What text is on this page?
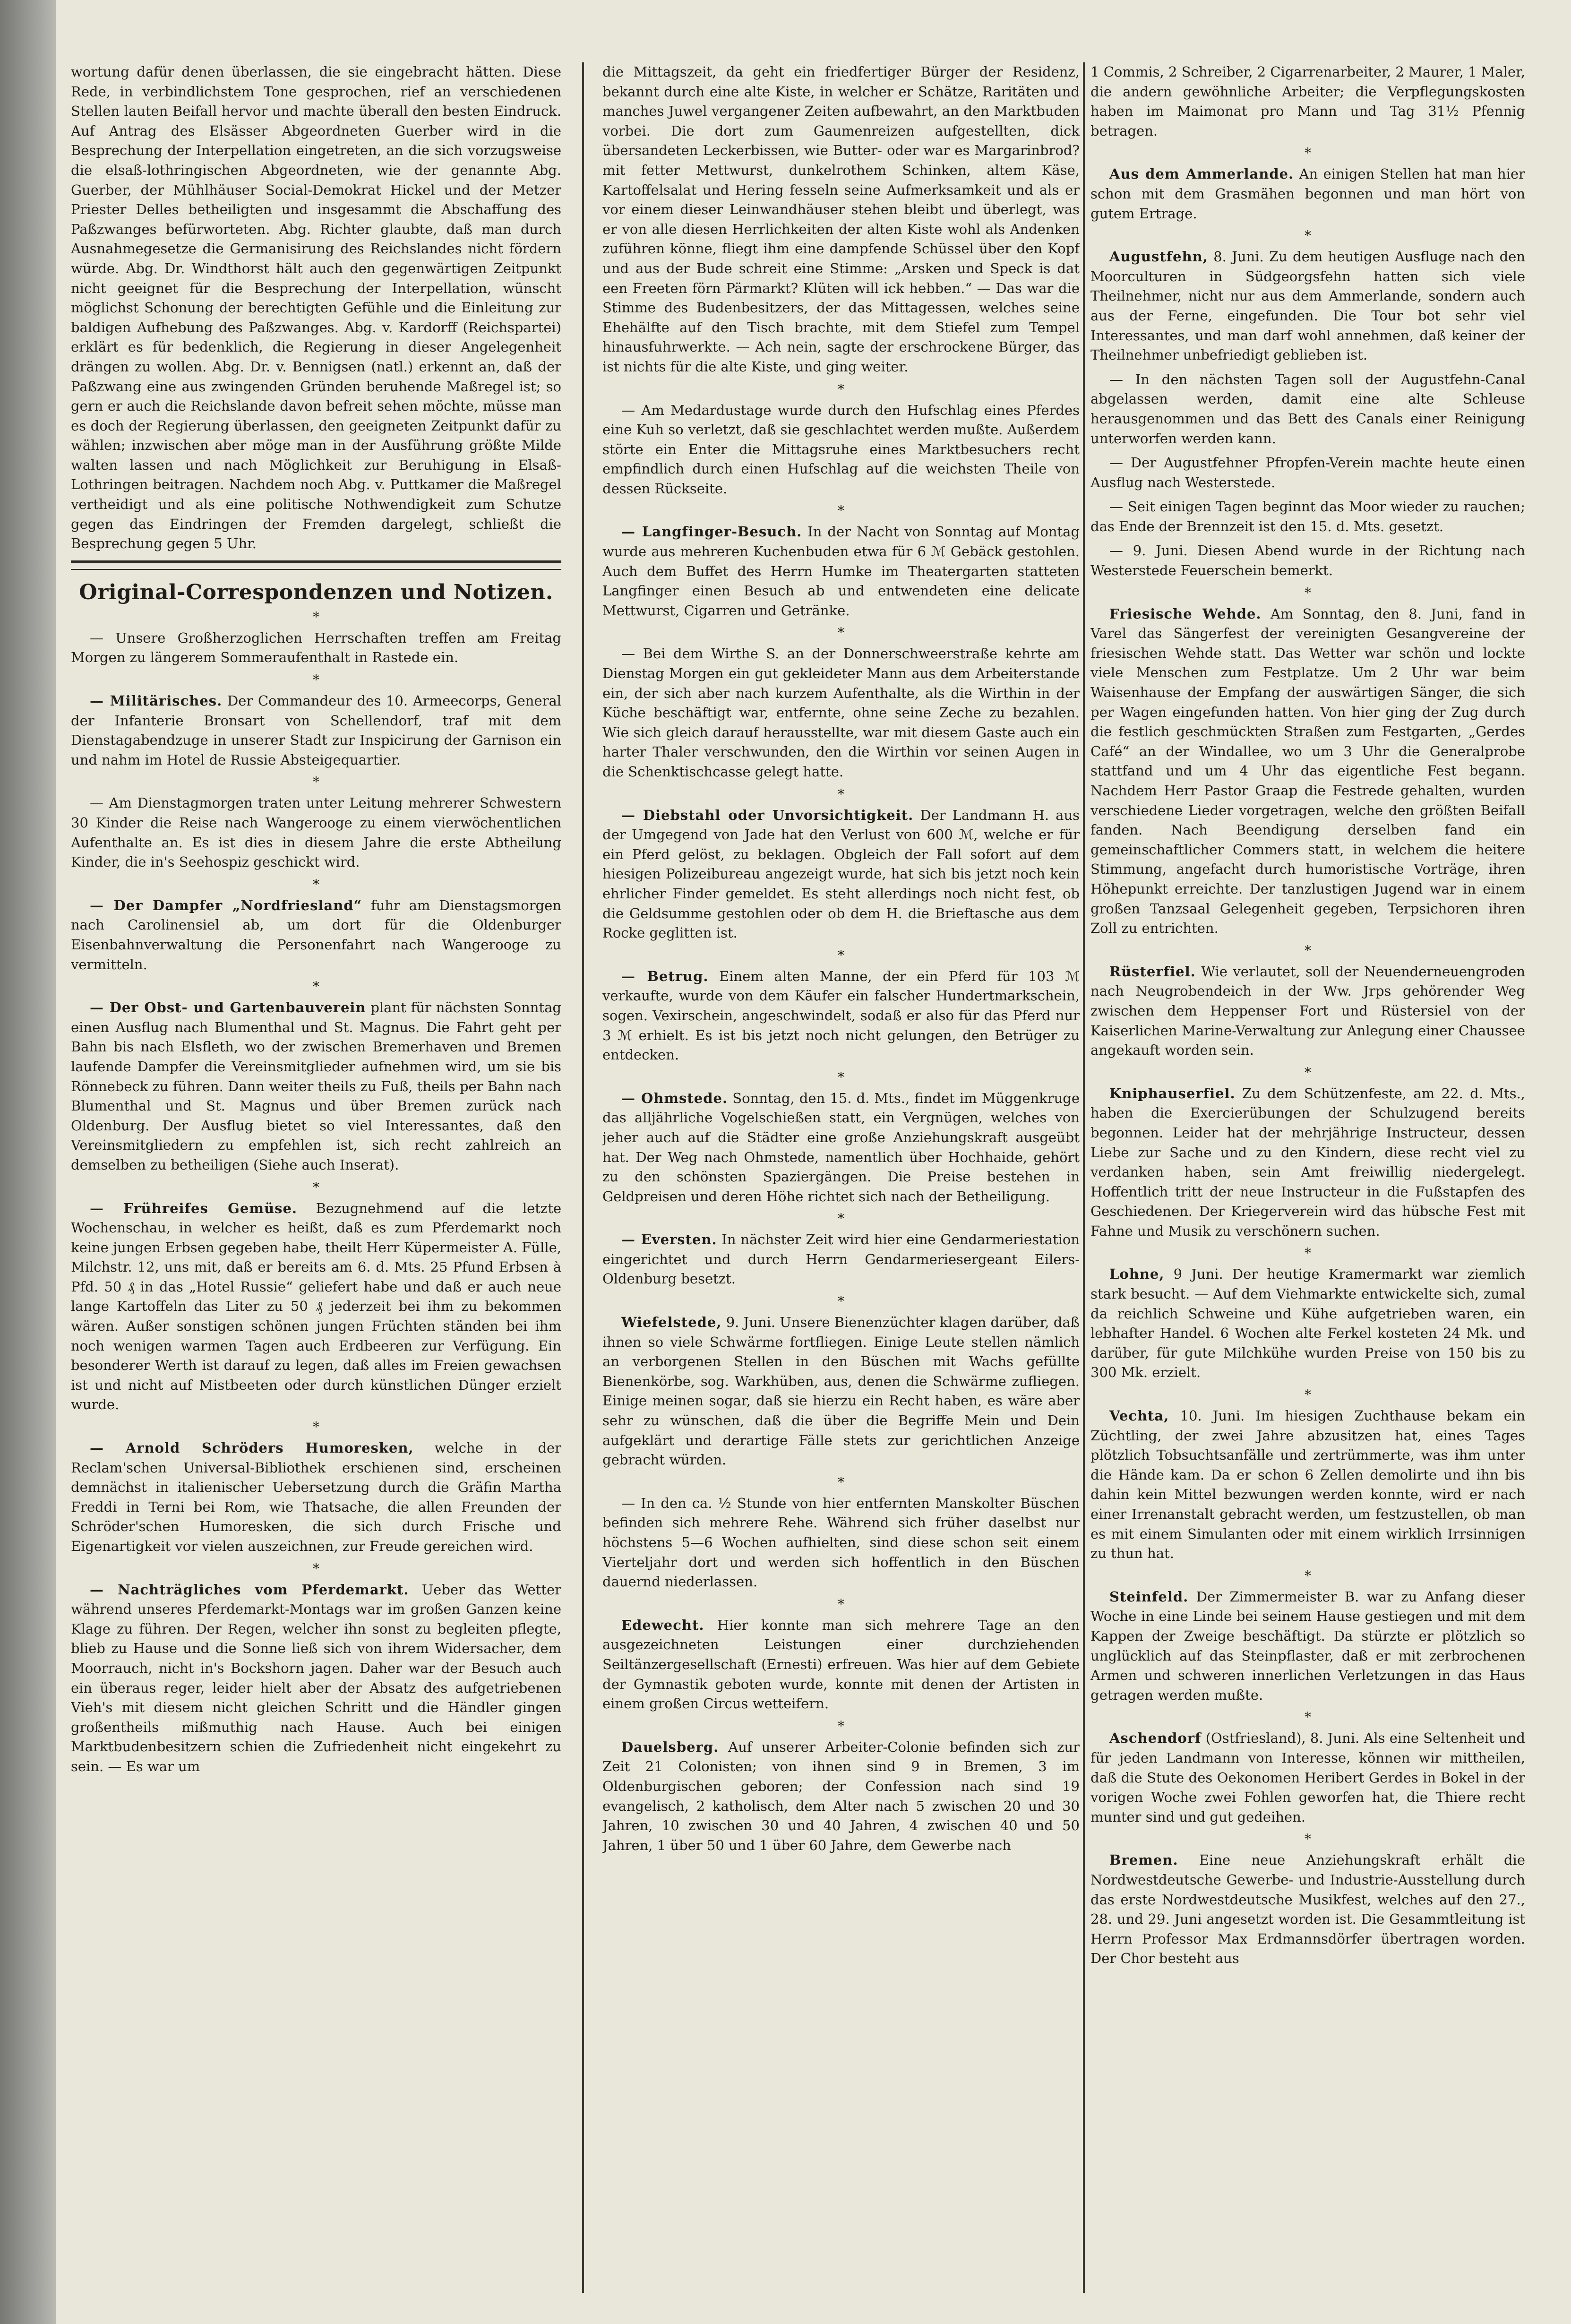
wortung dafür denen überlassen, die sie eingebracht hätten. Diese Rede, in verbindlichstem Tone gesprochen, rief an verschiedenen Stellen lauten Beifall hervor und machte überall den besten Eindruck. Auf Antrag des Elsässer Abgeordneten Guerber wird in die Besprechung der Interpellation eingetreten, an die sich vorzugsweise die elsaß-lothringischen Abgeordneten, wie der genannte Abg. Guerber, der Mühlhäuser Social-Demokrat Hickel und der Metzer Priester Delles betheiligten und insgesammt die Abschaffung des Paßzwanges befürworteten. Abg. Richter glaubte, daß man durch Ausnahmegesetze die Germanisirung des Reichslandes nicht fördern würde. Abg. Dr. Windthorst hält auch den gegenwärtigen Zeitpunkt nicht geeignet für die Besprechung der Interpellation, wünscht möglichst Schonung der berechtigten Gefühle und die Einleitung zur baldigen Aufhebung des Paßzwanges. Abg. v. Kardorff (Reichspartei) erklärt es für bedenklich, die Regierung in dieser Angelegenheit drängen zu wollen. Abg. Dr. v. Bennigsen (natl.) erkennt an, daß der Paßzwang eine aus zwingenden Gründen beruhende Maßregel ist; so gern er auch die Reichslande davon befreit sehen möchte, müsse man es doch der Regierung überlassen, den geeigneten Zeitpunkt dafür zu wählen; inzwischen aber möge man in der Ausführung größte Milde walten lassen und nach Möglichkeit zur Beruhigung in Elsaß-Lothringen beitragen. Nachdem noch Abg. v. Puttkamer die Maßregel vertheidigt und als eine politische Nothwendigkeit zum Schutze gegen das Eindringen der Fremden dargelegt, schließt die Besprechung gegen 5 Uhr.

Original-Correspondenzen und Notizen.
*

— Unsere Großherzoglichen Herrschaften treffen am Freitag Morgen zu längerem Sommeraufenthalt in Rastede ein.

*

— Militärisches. Der Commandeur des 10. Armeecorps, General der Infanterie Bronsart von Schellendorf, traf mit dem Dienstagabendzuge in unserer Stadt zur Inspicirung der Garnison ein und nahm im Hotel de Russie Absteigequartier.

*

— Am Dienstagmorgen traten unter Leitung mehrerer Schwestern 30 Kinder die Reise nach Wangerooge zu einem vierwöchentlichen Aufenthalte an. Es ist dies in diesem Jahre die erste Abtheilung Kinder, die in's Seehospiz geschickt wird.

*

— Der Dampfer „Nordfriesland“ fuhr am Dienstagsmorgen nach Carolinensiel ab, um dort für die Oldenburger Eisenbahnverwaltung die Personenfahrt nach Wangerooge zu vermitteln.

*

— Der Obst- und Gartenbauverein plant für nächsten Sonntag einen Ausflug nach Blumenthal und St. Magnus. Die Fahrt geht per Bahn bis nach Elsfleth, wo der zwischen Bremerhaven und Bremen laufende Dampfer die Vereinsmitglieder aufnehmen wird, um sie bis Rönnebeck zu führen. Dann weiter theils zu Fuß, theils per Bahn nach Blumenthal und St. Magnus und über Bremen zurück nach Oldenburg. Der Ausflug bietet so viel Interessantes, daß den Vereinsmitgliedern zu empfehlen ist, sich recht zahlreich an demselben zu betheiligen (Siehe auch Inserat).

*

— Frühreifes Gemüse. Bezugnehmend auf die letzte Wochenschau, in welcher es heißt, daß es zum Pferdemarkt noch keine jungen Erbsen gegeben habe, theilt Herr Küpermeister A. Fülle, Milchstr. 12, uns mit, daß er bereits am 6. d. Mts. 25 Pfund Erbsen à Pfd. 50 ₰ in das „Hotel Russie“ geliefert habe und daß er auch neue lange Kartoffeln das Liter zu 50 ₰ jederzeit bei ihm zu bekommen wären. Außer sonstigen schönen jungen Früchten ständen bei ihm noch wenigen warmen Tagen auch Erdbeeren zur Verfügung. Ein besonderer Werth ist darauf zu legen, daß alles im Freien gewachsen ist und nicht auf Mistbeeten oder durch künstlichen Dünger erzielt wurde.

*

— Arnold Schröders Humoresken, welche in der Reclam'schen Universal-Bibliothek erschienen sind, erscheinen demnächst in italienischer Uebersetzung durch die Gräfin Martha Freddi in Terni bei Rom, wie Thatsache, die allen Freunden der Schröder'schen Humoresken, die sich durch Frische und Eigenartigkeit vor vielen auszeichnen, zur Freude gereichen wird.

*

— Nachträgliches vom Pferdemarkt. Ueber das Wetter während unseres Pferdemarkt-Montags war im großen Ganzen keine Klage zu führen. Der Regen, welcher ihn sonst zu begleiten pflegte, blieb zu Hause und die Sonne ließ sich von ihrem Widersacher, dem Moorrauch, nicht in's Bockshorn jagen. Daher war der Besuch auch ein überaus reger, leider hielt aber der Absatz des aufgetriebenen Vieh's mit diesem nicht gleichen Schritt und die Händler gingen großentheils mißmuthig nach Hause. Auch bei einigen Marktbudenbesitzern schien die Zufriedenheit nicht eingekehrt zu sein. — Es war um

die Mittagszeit, da geht ein friedfertiger Bürger der Residenz, bekannt durch eine alte Kiste, in welcher er Schätze, Raritäten und manches Juwel vergangener Zeiten aufbewahrt, an den Marktbuden vorbei. Die dort zum Gaumenreizen aufgestellten, dick übersandeten Leckerbissen, wie Butter- oder war es Margarinbrod? mit fetter Mettwurst, dunkelrothem Schinken, altem Käse, Kartoffelsalat und Hering fesseln seine Aufmerksamkeit und als er vor einem dieser Leinwandhäuser stehen bleibt und überlegt, was er von alle diesen Herrlichkeiten der alten Kiste wohl als Andenken zuführen könne, fliegt ihm eine dampfende Schüssel über den Kopf und aus der Bude schreit eine Stimme: „Arsken und Speck is dat een Freeten förn Pärmarkt? Klüten will ick hebben.“ — Das war die Stimme des Budenbesitzers, der das Mittagessen, welches seine Ehehälfte auf den Tisch brachte, mit dem Stiefel zum Tempel hinausfuhrwerkte. — Ach nein, sagte der erschrockene Bürger, das ist nichts für die alte Kiste, und ging weiter.

*

— Am Medardustage wurde durch den Hufschlag eines Pferdes eine Kuh so verletzt, daß sie geschlachtet werden mußte. Außerdem störte ein Enter die Mittagsruhe eines Marktbesuchers recht empfindlich durch einen Hufschlag auf die weichsten Theile von dessen Rückseite.

*

— Langfinger-Besuch. In der Nacht von Sonntag auf Montag wurde aus mehreren Kuchenbuden etwa für 6 ℳ Gebäck gestohlen. Auch dem Buffet des Herrn Humke im Theatergarten statteten Langfinger einen Besuch ab und entwendeten eine delicate Mettwurst, Cigarren und Getränke.

*

— Bei dem Wirthe S. an der Donnerschweerstraße kehrte am Dienstag Morgen ein gut gekleideter Mann aus dem Arbeiterstande ein, der sich aber nach kurzem Aufenthalte, als die Wirthin in der Küche beschäftigt war, entfernte, ohne seine Zeche zu bezahlen. Wie sich gleich darauf herausstellte, war mit diesem Gaste auch ein harter Thaler verschwunden, den die Wirthin vor seinen Augen in die Schenktischcasse gelegt hatte.

*

— Diebstahl oder Unvorsichtigkeit. Der Landmann H. aus der Umgegend von Jade hat den Verlust von 600 ℳ, welche er für ein Pferd gelöst, zu beklagen. Obgleich der Fall sofort auf dem hiesigen Polizeibureau angezeigt wurde, hat sich bis jetzt noch kein ehrlicher Finder gemeldet. Es steht allerdings noch nicht fest, ob die Geldsumme gestohlen oder ob dem H. die Brieftasche aus dem Rocke geglitten ist.

*

— Betrug. Einem alten Manne, der ein Pferd für 103 ℳ verkaufte, wurde von dem Käufer ein falscher Hundertmarkschein, sogen. Vexirschein, angeschwindelt, sodaß er also für das Pferd nur 3 ℳ erhielt. Es ist bis jetzt noch nicht gelungen, den Betrüger zu entdecken.

*

— Ohmstede. Sonntag, den 15. d. Mts., findet im Müggenkruge das alljährliche Vogelschießen statt, ein Vergnügen, welches von jeher auch auf die Städter eine große Anziehungskraft ausgeübt hat. Der Weg nach Ohmstede, namentlich über Hochhaide, gehört zu den schönsten Spaziergängen. Die Preise bestehen in Geldpreisen und deren Höhe richtet sich nach der Betheiligung.

*

— Eversten. In nächster Zeit wird hier eine Gendarmeriestation eingerichtet und durch Herrn Gendarmeriesergeant Eilers-Oldenburg besetzt.

*

Wiefelstede, 9. Juni. Unsere Bienenzüchter klagen darüber, daß ihnen so viele Schwärme fortfliegen. Einige Leute stellen nämlich an verborgenen Stellen in den Büschen mit Wachs gefüllte Bienenkörbe, sog. Warkhüben, aus, denen die Schwärme zufliegen. Einige meinen sogar, daß sie hierzu ein Recht haben, es wäre aber sehr zu wünschen, daß die über die Begriffe Mein und Dein aufgeklärt und derartige Fälle stets zur gerichtlichen Anzeige gebracht würden.

*

— In den ca. ½ Stunde von hier entfernten Manskolter Büschen befinden sich mehrere Rehe. Während sich früher daselbst nur höchstens 5—6 Wochen aufhielten, sind diese schon seit einem Vierteljahr dort und werden sich hoffentlich in den Büschen dauernd niederlassen.

*

Edewecht. Hier konnte man sich mehrere Tage an den ausgezeichneten Leistungen einer durchziehenden Seiltänzergesellschaft (Ernesti) erfreuen. Was hier auf dem Gebiete der Gymnastik geboten wurde, konnte mit denen der Artisten in einem großen Circus wetteifern.

*

Dauelsberg. Auf unserer Arbeiter-Colonie befinden sich zur Zeit 21 Colonisten; von ihnen sind 9 in Bremen, 3 im Oldenburgischen geboren; der Confession nach sind 19 evangelisch, 2 katholisch, dem Alter nach 5 zwischen 20 und 30 Jahren, 10 zwischen 30 und 40 Jahren, 4 zwischen 40 und 50 Jahren, 1 über 50 und 1 über 60 Jahre, dem Gewerbe nach

1 Commis, 2 Schreiber, 2 Cigarrenarbeiter, 2 Maurer, 1 Maler, die andern gewöhnliche Arbeiter; die Verpflegungskosten haben im Maimonat pro Mann und Tag 31½ Pfennig betragen.

*

Aus dem Ammerlande. An einigen Stellen hat man hier schon mit dem Grasmähen begonnen und man hört von gutem Ertrage.

*

Augustfehn, 8. Juni. Zu dem heutigen Ausfluge nach den Moorculturen in Südgeorgsfehn hatten sich viele Theilnehmer, nicht nur aus dem Ammerlande, sondern auch aus der Ferne, eingefunden. Die Tour bot sehr viel Interessantes, und man darf wohl annehmen, daß keiner der Theilnehmer unbefriedigt geblieben ist.

— In den nächsten Tagen soll der Augustfehn-Canal abgelassen werden, damit eine alte Schleuse herausgenommen und das Bett des Canals einer Reinigung unterworfen werden kann.

— Der Augustfehner Pfropfen-Verein machte heute einen Ausflug nach Westerstede.

— Seit einigen Tagen beginnt das Moor wieder zu rauchen; das Ende der Brennzeit ist den 15. d. Mts. gesetzt.

— 9. Juni. Diesen Abend wurde in der Richtung nach Westerstede Feuerschein bemerkt.

*

Friesische Wehde. Am Sonntag, den 8. Juni, fand in Varel das Sängerfest der vereinigten Gesangvereine der friesischen Wehde statt. Das Wetter war schön und lockte viele Menschen zum Festplatze. Um 2 Uhr war beim Waisenhause der Empfang der auswärtigen Sänger, die sich per Wagen eingefunden hatten. Von hier ging der Zug durch die festlich geschmückten Straßen zum Festgarten, „Gerdes Café“ an der Windallee, wo um 3 Uhr die Generalprobe stattfand und um 4 Uhr das eigentliche Fest begann. Nachdem Herr Pastor Graap die Festrede gehalten, wurden verschiedene Lieder vorgetragen, welche den größten Beifall fanden. Nach Beendigung derselben fand ein gemeinschaftlicher Commers statt, in welchem die heitere Stimmung, angefacht durch humoristische Vorträge, ihren Höhepunkt erreichte. Der tanzlustigen Jugend war in einem großen Tanzsaal Gelegenheit gegeben, Terpsichoren ihren Zoll zu entrichten.

*

Rüsterfiel. Wie verlautet, soll der Neuenderneuengroden nach Neugrobendeich in der Ww. Jrps gehörender Weg zwischen dem Heppenser Fort und Rüstersiel von der Kaiserlichen Marine-Verwaltung zur Anlegung einer Chaussee angekauft worden sein.

*

Kniphauserfiel. Zu dem Schützenfeste, am 22. d. Mts., haben die Exercierübungen der Schulzugend bereits begonnen. Leider hat der mehrjährige Instructeur, dessen Liebe zur Sache und zu den Kindern, diese recht viel zu verdanken haben, sein Amt freiwillig niedergelegt. Hoffentlich tritt der neue Instructeur in die Fußstapfen des Geschiedenen. Der Kriegerverein wird das hübsche Fest mit Fahne und Musik zu verschönern suchen.

*

Lohne, 9 Juni. Der heutige Kramermarkt war ziemlich stark besucht. — Auf dem Viehmarkte entwickelte sich, zumal da reichlich Schweine und Kühe aufgetrieben waren, ein lebhafter Handel. 6 Wochen alte Ferkel kosteten 24 Mk. und darüber, für gute Milchkühe wurden Preise von 150 bis zu 300 Mk. erzielt.

*

Vechta, 10. Juni. Im hiesigen Zuchthause bekam ein Züchtling, der zwei Jahre abzusitzen hat, eines Tages plötzlich Tobsuchtsanfälle und zertrümmerte, was ihm unter die Hände kam. Da er schon 6 Zellen demolirte und ihn bis dahin kein Mittel bezwungen werden konnte, wird er nach einer Irrenanstalt gebracht werden, um festzustellen, ob man es mit einem Simulanten oder mit einem wirklich Irrsinnigen zu thun hat.

*

Steinfeld. Der Zimmermeister B. war zu Anfang dieser Woche in eine Linde bei seinem Hause gestiegen und mit dem Kappen der Zweige beschäftigt. Da stürzte er plötzlich so unglücklich auf das Steinpflaster, daß er mit zerbrochenen Armen und schweren innerlichen Verletzungen in das Haus getragen werden mußte.

*

Aschendorf (Ostfriesland), 8. Juni. Als eine Seltenheit und für jeden Landmann von Interesse, können wir mittheilen, daß die Stute des Oekonomen Heribert Gerdes in Bokel in der vorigen Woche zwei Fohlen geworfen hat, die Thiere recht munter sind und gut gedeihen.

*

Bremen. Eine neue Anziehungskraft erhält die Nordwestdeutsche Gewerbe- und Industrie-Ausstellung durch das erste Nordwestdeutsche Musikfest, welches auf den 27., 28. und 29. Juni angesetzt worden ist. Die Gesammtleitung ist Herrn Professor Max Erdmannsdörfer übertragen worden. Der Chor besteht aus
